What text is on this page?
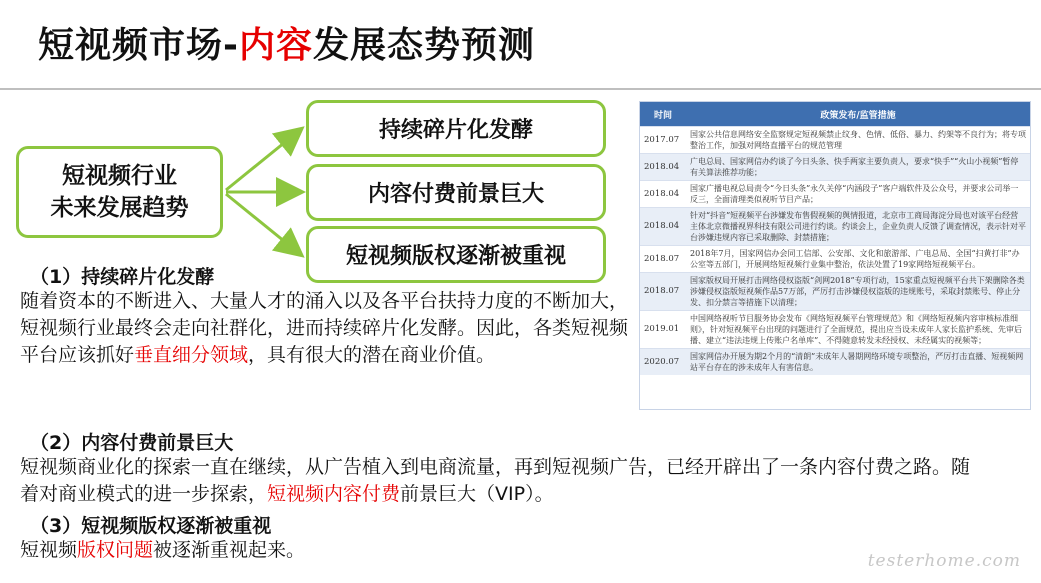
短视频市场-内容发展态势预测
短视频行业
未来发展趋势
持续碎片化发酵
内容付费前景巨大
短视频版权逐渐被重视
（1）持续碎片化发酵
随着资本的不断进入、大量人才的涌入以及各平台扶持力度的不断加大，短视频行业最终会走向社群化，进而持续碎片化发酵。因此，各类短视频平台应该抓好垂直细分领域，具有很大的潜在商业价值。
（2）内容付费前景巨大
短视频商业化的探索一直在继续，从广告植入到电商流量，再到短视频广告，已经开辟出了一条内容付费之路。随着对商业模式的进一步探索，短视频内容付费前景巨大（VIP）。
（3）短视频版权逐渐被重视
短视频版权问题被逐渐重视起来。
时间	政策发布/监管措施
2017.07	国家公共信息网络安全监察规定短视频禁止纹身、色情、低俗、暴力、约架等不良行为；将专项整治工作，加强对网络直播平台的规范管理
2018.04	广电总局、国家网信办约谈了今日头条、快手两家主要负责人，要求“快手”“火山小视频”暂停有关算法推荐功能；
2018.04	国家广播电视总局责令“今日头条”永久关停“内涵段子”客户端软件及公众号，并要求公司举一反三，全面清理类似视听节目产品；
2018.04	针对“抖音”短视频平台涉嫌发布售假视频的舆情报道，北京市工商局海淀分局也对该平台经营主体北京微播视界科技有限公司进行约谈。约谈会上，企业负责人反馈了调查情况，表示针对平台涉嫌违规内容已采取删除、封禁措施；
2018.07	2018年7月，国家网信办会同工信部、公安部、文化和旅游部、广电总局、全国“扫黄打非”办公室等五部门，开展网络短视频行业集中整治，依法处置了19家网络短视频平台。
2018.07	国家版权局开展打击网络侵权盗版“剑网2018”专项行动，15家重点短视频平台共下架删除各类涉嫌侵权盗版短视频作品57万部，严厉打击涉嫌侵权盗版的违规账号，采取封禁账号、停止分发、扣分禁言等措施下以清理；
2019.01	中国网络视听节目服务协会发布《网络短视频平台管理规范》和《网络短视频内容审核标准细则》，针对短视频平台出现的问题进行了全面规范，提出应当设未成年人家长监护系统、先审后播、建立“违法违规上传账户名单库”、不得随意转发未经授权、未经属实的视频等；
2020.07	国家网信办开展为期2个月的“清朗”未成年人暑期网络环境专项整治，严厉打击直播、短视频网站平台存在的涉未成年人有害信息。
testerhome.com
